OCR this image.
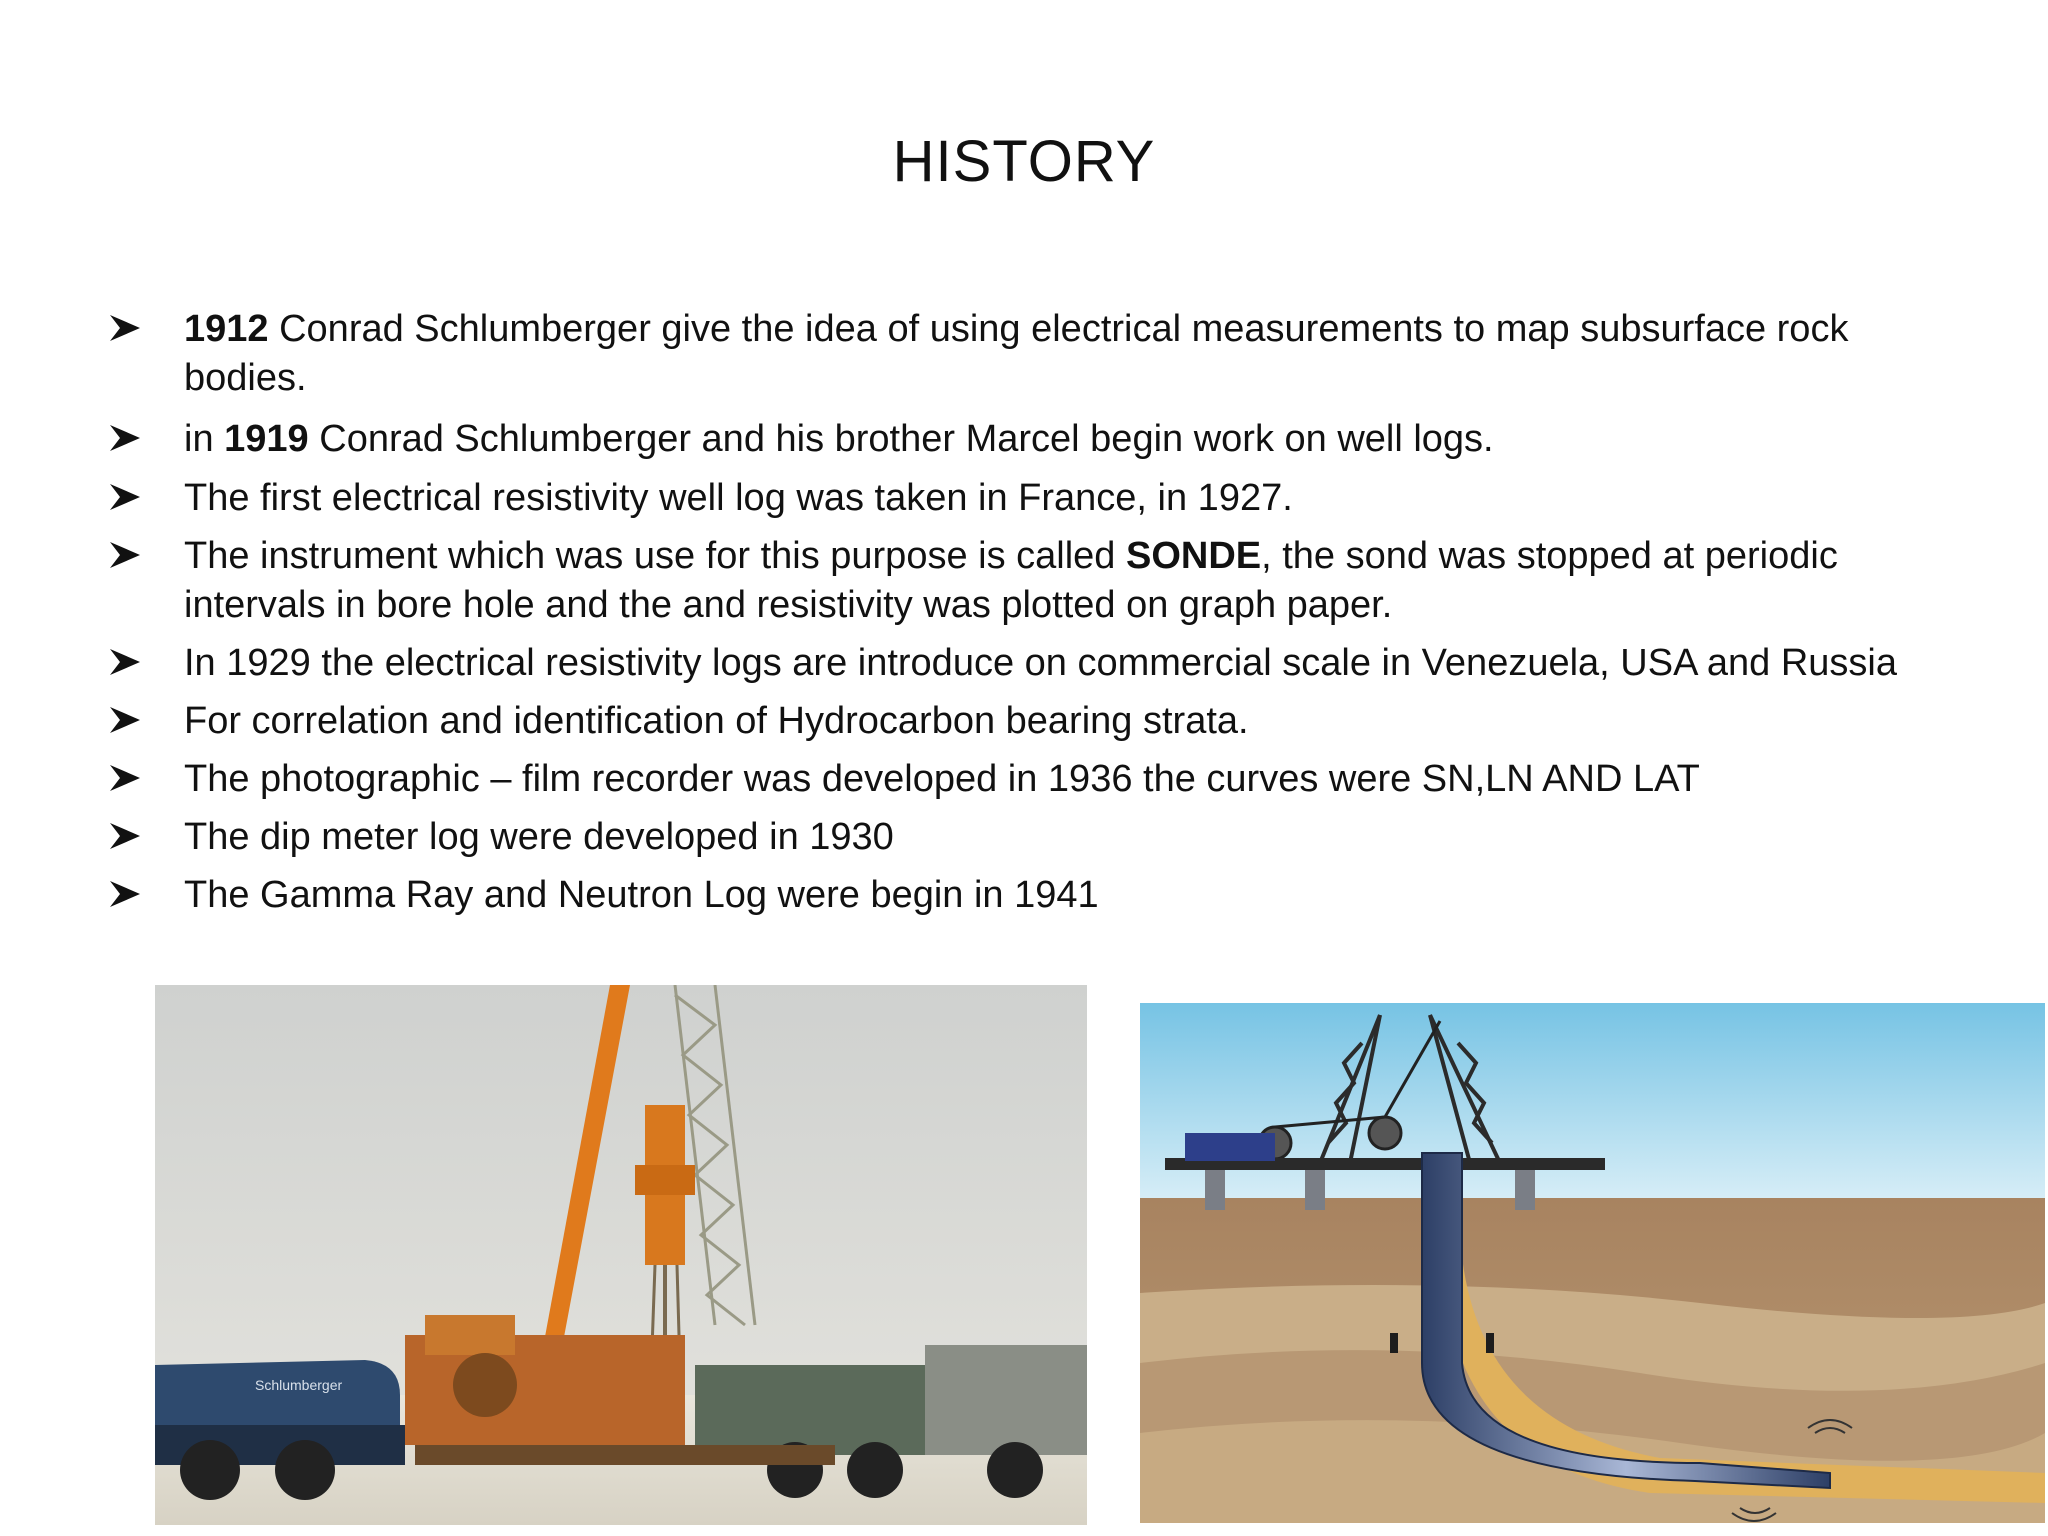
HISTORY
1912 Conrad Schlumberger give the idea of using electrical measurements to map subsurface rock bodies.
in 1919 Conrad Schlumberger and his brother Marcel begin work on well logs.
The first electrical resistivity well log was taken in France, in 1927.
The instrument which was use for this purpose is called SONDE, the sond was stopped at periodic intervals in bore hole and the and resistivity was plotted on graph paper.
In 1929 the electrical resistivity logs are introduce on commercial scale in Venezuela, USA and Russia
For correlation and identification of Hydrocarbon bearing strata.
The photographic – film recorder was developed in 1936 the curves were SN,LN AND LAT
The dip meter log were developed in 1930
The Gamma Ray and Neutron Log were begin in 1941
Schlumberger
